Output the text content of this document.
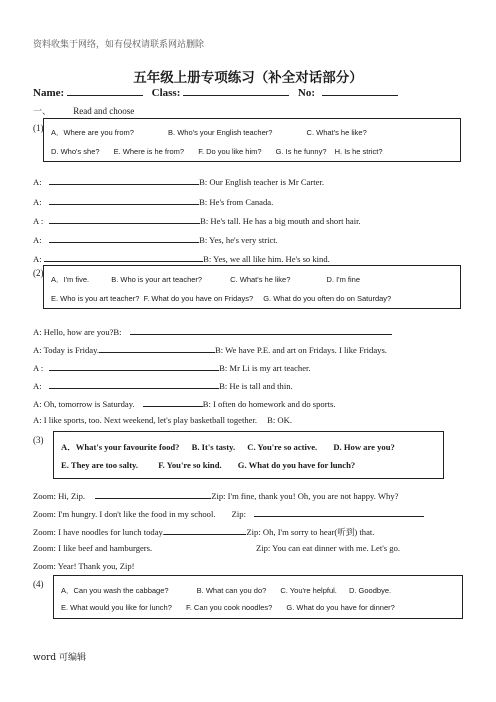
资料收集于网络，如有侵权请联系网站删除
五年级上册专项练习（补全对话部分）
Name:	Class:	No:
一、 Read and choose
(1) A．Where are you from?	B. Who's your English teacher?	C. What's he like?
D. Who's she? E. Where is he from? F. Do you like him? G. Is he funny? H. Is he strict?
A:	B: Our English teacher is Mr Carter.
A:	B: He's from Canada.
A :	B: He's tall. He has a big mouth and short hair.
A:	B: Yes, he's very strict.
A:	B: Yes, we all like him. He's so kind.
(2)
A．I'm five.	B. Who is your art teacher?	C. What's he like?	D. I'm fine
E. Who is you art teacher? F. What do you have on Fridays? G. What do you often do on Saturday?
A: Hello, how are you?B:
A: Today is Friday.	B: We have P.E. and art on Fridays. I like Fridays.
A :	B: Mr Li is my art teacher.
A:	B: He is tall and thin.
A: Oh, tomorrow is Saturday.	B: I often do homework and do sports.
A: I like sports, too. Next weekend, let's play basketball together. B: OK.
(3)
A．What's your favourite food? B. It's tasty. C. You're so active. D. How are you?
E. They are too salty. F. You're so kind. G. What do you have for lunch?
Zoom: Hi, Zip.	Zip: I'm fine, thank you! Oh, you are not happy. Why?
Zoom: I'm hungry. I don't like the food in my school. Zip:
Zoom: I have noodles for lunch today.	Zip: Oh, I'm sorry to hear(听到) that.
Zoom: I like beef and hamburgers.	Zip: You can eat dinner with me. Let's go.
Zoom: Year! Thank you, Zip!
(4)
A．Can you wash the cabbage?	B. What can you do? C. You're helpful. D. Goodbye.
E. What would you like for lunch? F. Can you cook noodles? G. What do you have for dinner?
word 可编辑
